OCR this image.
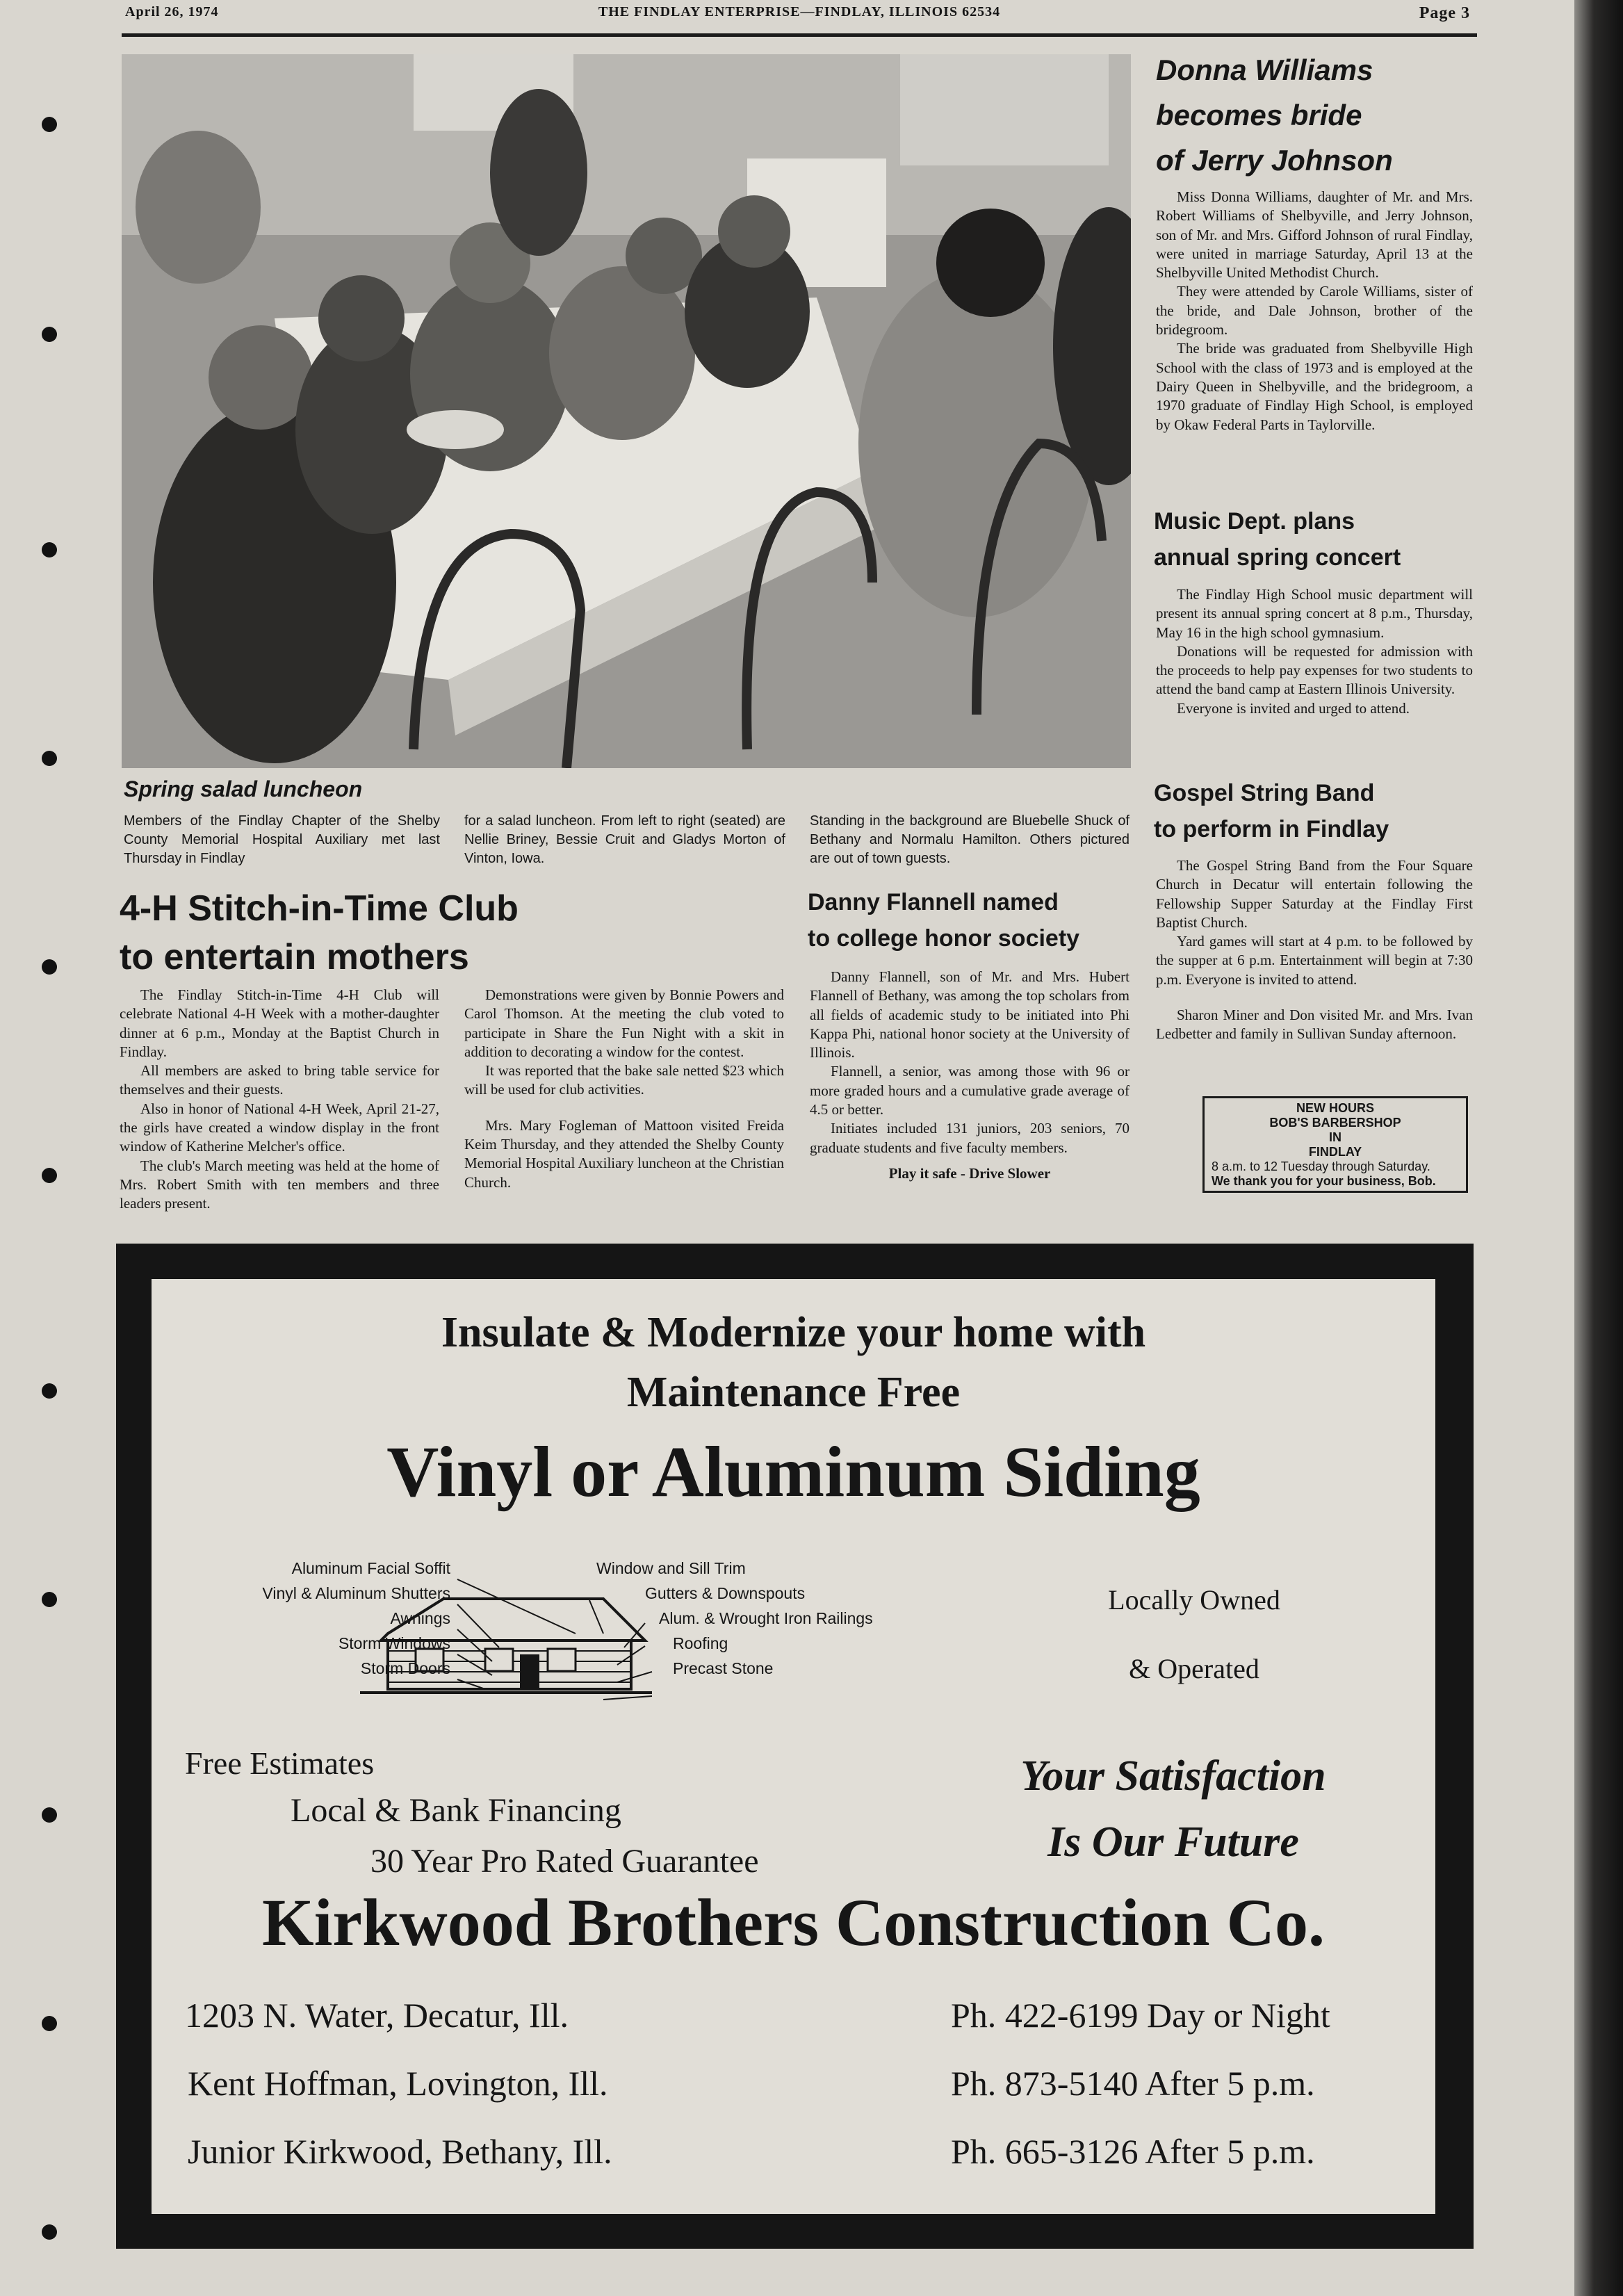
April 26, 1974	THE FINDLAY ENTERPRISE—FINDLAY, ILLINOIS 62534	Page 3
Spring salad luncheon
Members of the Findlay Chapter of the Shelby County Memorial Hospital Auxiliary met last Thursday in Findlay
for a salad luncheon. From left to right (seated) are Nellie Briney, Bessie Cruit and Gladys Morton of Vinton, Iowa.
Standing in the background are Bluebelle Shuck of Bethany and Normalu Hamilton. Others pictured are out of town guests.
Donna Williams
becomes bride
of Jerry Johnson

Miss Donna Williams, daughter of Mr. and Mrs. Robert Williams of Shelbyville, and Jerry Johnson, son of Mr. and Mrs. Gifford Johnson of rural Findlay, were united in marriage Saturday, April 13 at the Shelbyville United Methodist Church.

They were attended by Carole Williams, sister of the bride, and Dale Johnson, brother of the bridegroom.

The bride was graduated from Shelbyville High School with the class of 1973 and is employed at the Dairy Queen in Shelbyville, and the bridegroom, a 1970 graduate of Findlay High School, is employed by Okaw Federal Parts in Taylorville.

Music Dept. plans
annual spring concert

The Findlay High School music department will present its annual spring concert at 8 p.m., Thursday, May 16 in the high school gymnasium.

Donations will be requested for admission with the proceeds to help pay expenses for two students to attend the band camp at Eastern Illinois University.

Everyone is invited and urged to attend.

Gospel String Band
to perform in Findlay

The Gospel String Band from the Four Square Church in Decatur will entertain following the Fellowship Supper Saturday at the Findlay First Baptist Church.

Yard games will start at 4 p.m. to be followed by the supper at 6 p.m. Entertainment will begin at 7:30 p.m. Everyone is invited to attend.

Sharon Miner and Don visited Mr. and Mrs. Ivan Ledbetter and family in Sullivan Sunday afternoon.

NEW HOURS
BOB'S BARBERSHOP
IN
FINDLAY
8 a.m. to 12 Tuesday through Saturday.
We thank you for your business, Bob.
4-H Stitch-in-Time Club
to entertain mothers

The Findlay Stitch-in-Time 4-H Club will celebrate National 4-H Week with a mother-daughter dinner at 6 p.m., Monday at the Baptist Church in Findlay.

All members are asked to bring table service for themselves and their guests.

Also in honor of National 4-H Week, April 21-27, the girls have created a window display in the front window of Katherine Melcher's office.

The club's March meeting was held at the home of Mrs. Robert Smith with ten members and three leaders present.

Demonstrations were given by Bonnie Powers and Carol Thomson. At the meeting the club voted to participate in Share the Fun Night with a skit in addition to decorating a window for the contest.

It was reported that the bake sale netted $23 which will be used for club activities.

Mrs. Mary Fogleman of Mattoon visited Freida Keim Thursday, and they attended the Shelby County Memorial Hospital Auxiliary luncheon at the Christian Church.

Danny Flannell named
to college honor society

Danny Flannell, son of Mr. and Mrs. Hubert Flannell of Bethany, was among the top scholars from all fields of academic study to be initiated into Phi Kappa Phi, national honor society at the University of Illinois.

Flannell, a senior, was among those with 96 or more graded hours and a cumulative grade average of 4.5 or better.

Initiates included 131 juniors, 203 seniors, 70 graduate students and five faculty members.

Play it safe - Drive Slower
Insulate & Modernize your home with
Maintenance Free
Vinyl or Aluminum Siding
Aluminum Facial Soffit
Vinyl & Aluminum Shutters
Awnings
Storm Windows
Storm Doors
Window and Sill Trim
Gutters & Downspouts
Alum. & Wrought Iron Railings
Roofing
Precast Stone
Locally Owned
& Operated
Free Estimates
Local & Bank Financing
30 Year Pro Rated Guarantee
Your Satisfaction
Is Our Future
Kirkwood Brothers Construction Co.
1203 N. Water, Decatur, Ill.	Ph. 422-6199 Day or Night
Kent Hoffman, Lovington, Ill.	Ph. 873-5140 After 5 p.m.
Junior Kirkwood, Bethany, Ill.	Ph. 665-3126 After 5 p.m.
